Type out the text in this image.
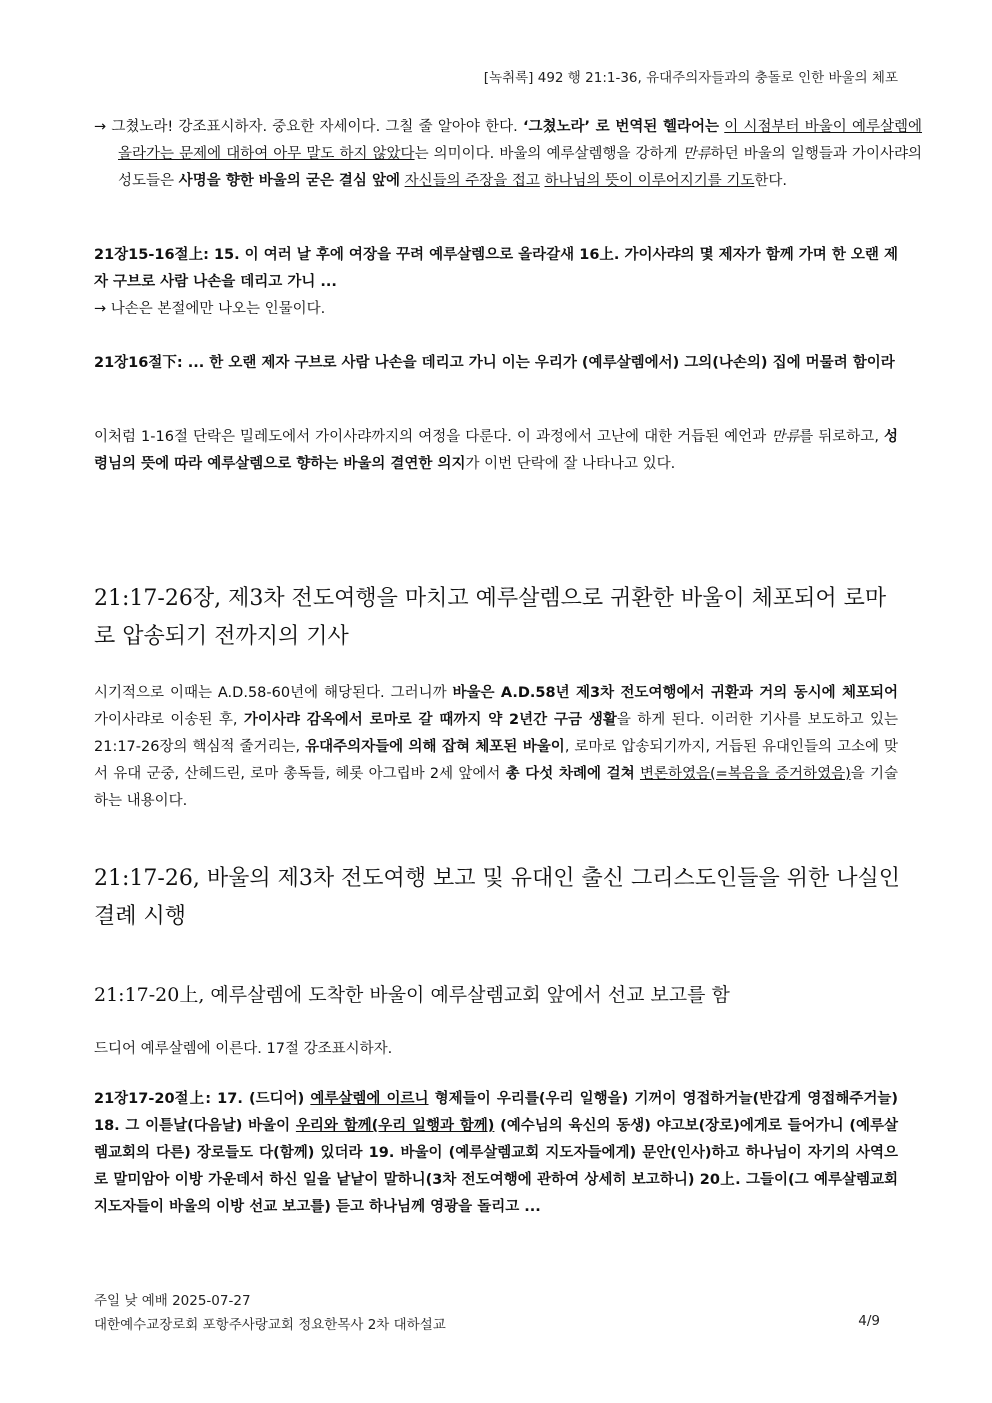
[녹취록] 492 행 21:1-36, 유대주의자들과의 충돌로 인한 바울의 체포
→ 그쳤노라! 강조표시하자. 중요한 자세이다. 그칠 줄 알아야 한다. ‘그쳤노라’ 로 번역된 헬라어는 이 시점부터 바울이 예루살렘에 올라가는 문제에 대하여 아무 말도 하지 않았다는 의미이다. 바울의 예루살렘행을 강하게 만류하던 바울의 일행들과 가이사랴의 성도들은 사명을 향한 바울의 굳은 결심 앞에 자신들의 주장을 접고 하나님의 뜻이 이루어지기를 기도한다.
21장15-16절上: 15. 이 여러 날 후에 여장을 꾸려 예루살렘으로 올라갈새 16上. 가이사랴의 몇 제자가 함께 가며 한 오랜 제자 구브로 사람 나손을 데리고 가니 ...
→ 나손은 본절에만 나오는 인물이다.
21장16절下: ... 한 오랜 제자 구브로 사람 나손을 데리고 가니 이는 우리가 (예루살렘에서) 그의(나손의) 집에 머물려 함이라
이처럼 1-16절 단락은 밀레도에서 가이사랴까지의 여정을 다룬다. 이 과정에서 고난에 대한 거듭된 예언과 만류를 뒤로하고, 성령님의 뜻에 따라 예루살렘으로 향하는 바울의 결연한 의지가 이번 단락에 잘 나타나고 있다.
21:17-26장, 제3차 전도여행을 마치고 예루살렘으로 귀환한 바울이 체포되어 로마로 압송되기 전까지의 기사
시기적으로 이때는 A.D.58-60년에 해당된다. 그러니까 바울은 A.D.58년 제3차 전도여행에서 귀환과 거의 동시에 체포되어 가이사랴로 이송된 후, 가이사랴 감옥에서 로마로 갈 때까지 약 2년간 구금 생활을 하게 된다. 이러한 기사를 보도하고 있는 21:17-26장의 핵심적 줄거리는, 유대주의자들에 의해 잡혀 체포된 바울이, 로마로 압송되기까지, 거듭된 유대인들의 고소에 맞서 유대 군중, 산헤드린, 로마 총독들, 헤롯 아그립바 2세 앞에서 총 다섯 차례에 걸쳐 변론하였음(=복음을 증거하였음)을 기술하는 내용이다.
21:17-26, 바울의 제3차 전도여행 보고 및 유대인 출신 그리스도인들을 위한 나실인 결례 시행
21:17-20上, 예루살렘에 도착한 바울이 예루살렘교회 앞에서 선교 보고를 함
드디어 예루살렘에 이른다. 17절 강조표시하자.
21장17-20절上: 17. (드디어) 예루살렘에 이르니 형제들이 우리를(우리 일행을) 기꺼이 영접하거늘(반갑게 영접해주거늘) 18. 그 이튿날(다음날) 바울이 우리와 함께(우리 일행과 함께) (예수님의 육신의 동생) 야고보(장로)에게로 들어가니 (예루살렘교회의 다른) 장로들도 다(함께) 있더라 19. 바울이 (예루살렘교회 지도자들에게) 문안(인사)하고 하나님이 자기의 사역으로 말미암아 이방 가운데서 하신 일을 낱낱이 말하니(3차 전도여행에 관하여 상세히 보고하니) 20上. 그들이(그 예루살렘교회 지도자들이 바울의 이방 선교 보고를) 듣고 하나님께 영광을 돌리고 ...
주일 낮 예배 2025-07-27
대한예수교장로회 포항주사랑교회 정요한목사 2차 대하설교	4/9
